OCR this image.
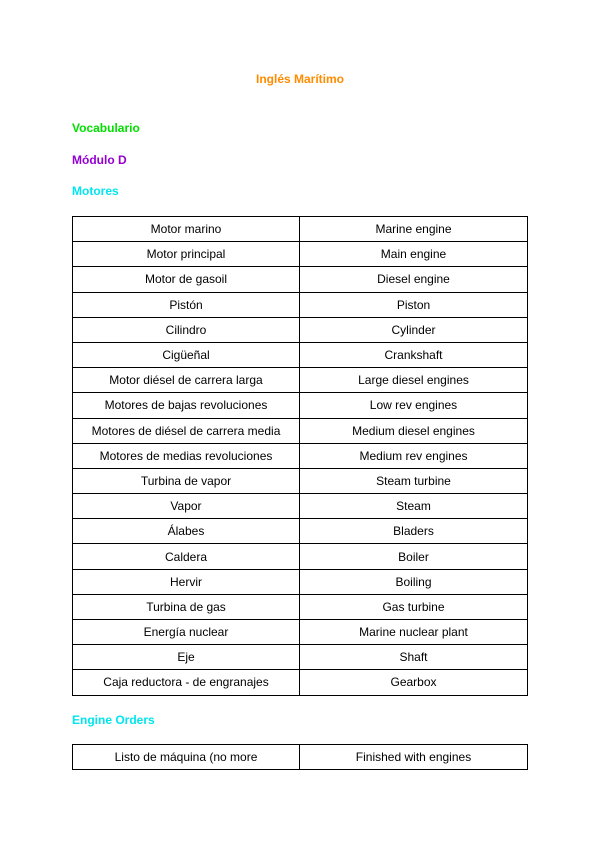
Inglés Marítimo
Vocabulario
Módulo D
Motores
Motor marino	Marine engine
Motor principal	Main engine
Motor de gasoil	Diesel engine
Pistón	Piston
Cilindro	Cylinder
Cigüeñal	Crankshaft
Motor diésel de carrera larga	Large diesel engines
Motores de bajas revoluciones	Low rev engines
Motores de diésel de carrera media	Medium diesel engines
Motores de medias revoluciones	Medium rev engines
Turbina de vapor	Steam turbine
Vapor	Steam
Álabes	Bladers
Caldera	Boiler
Hervir	Boiling
Turbina de gas	Gas turbine
Energía nuclear	Marine nuclear plant
Eje	Shaft
Caja reductora - de engranajes	Gearbox
Engine Orders
Listo de máquina (no more	Finished with engines
